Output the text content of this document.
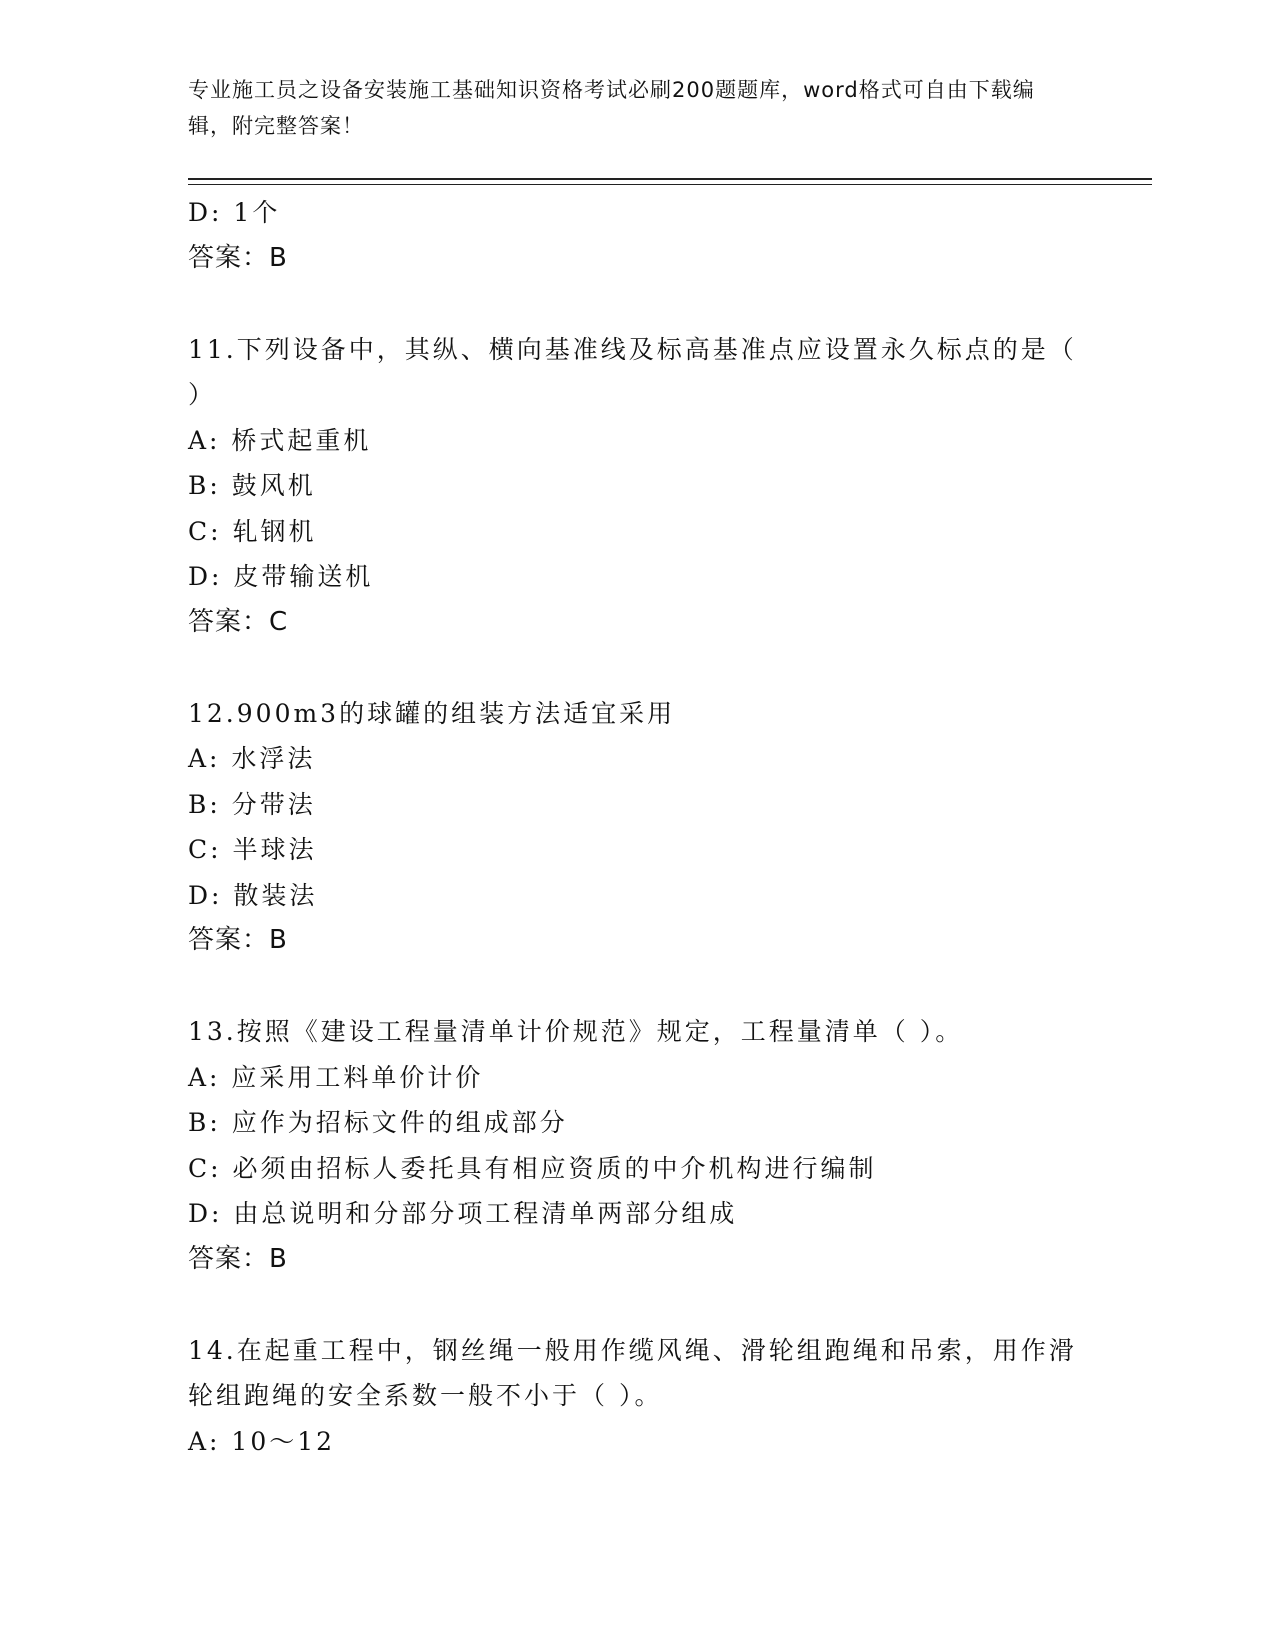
专业施工员之设备安装施工基础知识资格考试必刷200题题库，word格式可自由下载编辑，附完整答案！
D: 1个
答案：B
11.下列设备中，其纵、横向基准线及标高基准点应设置永久标点的是（ ）
A: 桥式起重机
B: 鼓风机
C: 轧钢机
D: 皮带输送机
答案：C
12.900m3的球罐的组装方法适宜采用
A: 水浮法
B: 分带法
C: 半球法
D: 散装法
答案：B
13.按照《建设工程量清单计价规范》规定，工程量清单（ ）。
A: 应采用工料单价计价
B: 应作为招标文件的组成部分
C: 必须由招标人委托具有相应资质的中介机构进行编制
D: 由总说明和分部分项工程清单两部分组成
答案：B
14.在起重工程中，钢丝绳一般用作缆风绳、滑轮组跑绳和吊索，用作滑轮组跑绳的安全系数一般不小于（ ）。
A: 10～12
